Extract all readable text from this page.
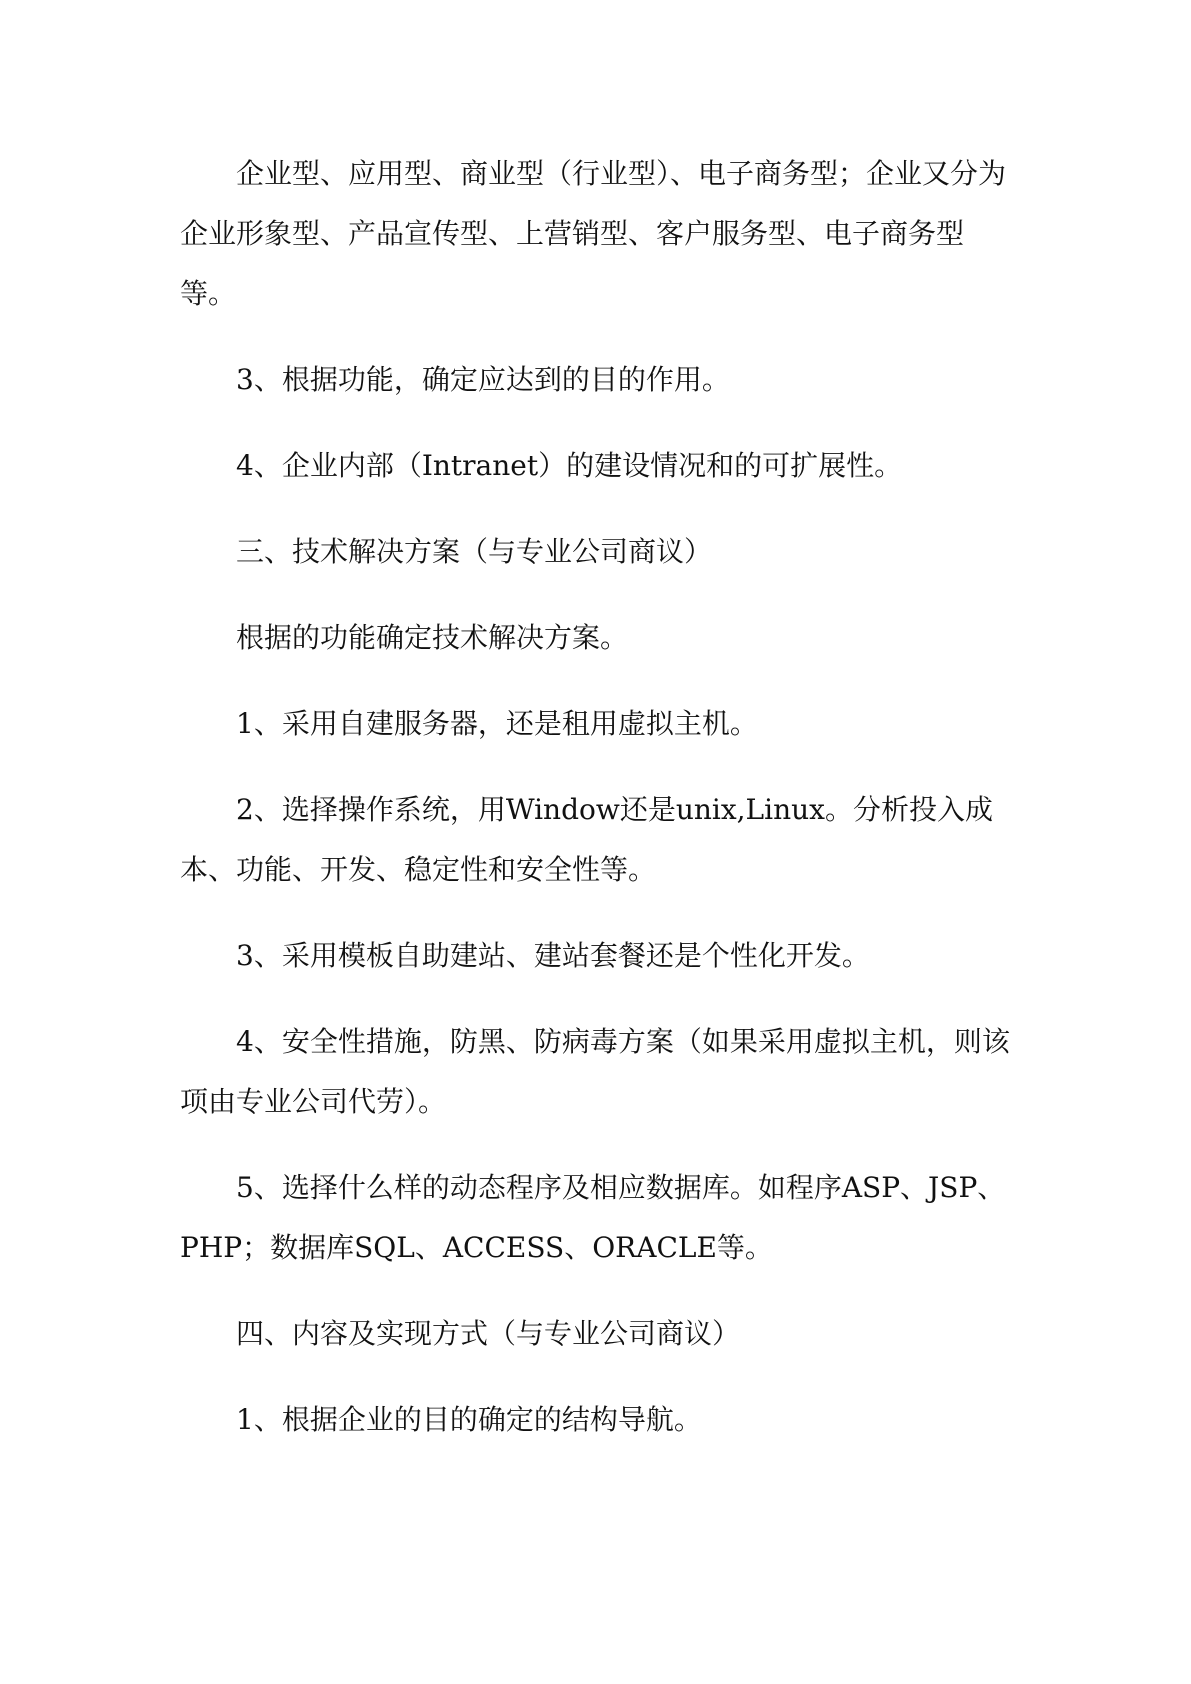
企业型、应用型、商业型（行业型）、电子商务型；企业又分为企业形象型、产品宣传型、上营销型、客户服务型、电子商务型等。

3、根据功能，确定应达到的目的作用。

4、企业内部（Intranet）的建设情况和的可扩展性。

三、技术解决方案（与专业公司商议）

根据的功能确定技术解决方案。

1、采用自建服务器，还是租用虚拟主机。

2、选择操作系统，用Window还是unix,Linux。分析投入成本、功能、开发、稳定性和安全性等。

3、采用模板自助建站、建站套餐还是个性化开发。

4、安全性措施，防黑、防病毒方案（如果采用虚拟主机，则该项由专业公司代劳）。

5、选择什么样的动态程序及相应数据库。如程序ASP、JSP、PHP；数据库SQL、ACCESS、ORACLE等。

四、内容及实现方式（与专业公司商议）

1、根据企业的目的确定的结构导航。
